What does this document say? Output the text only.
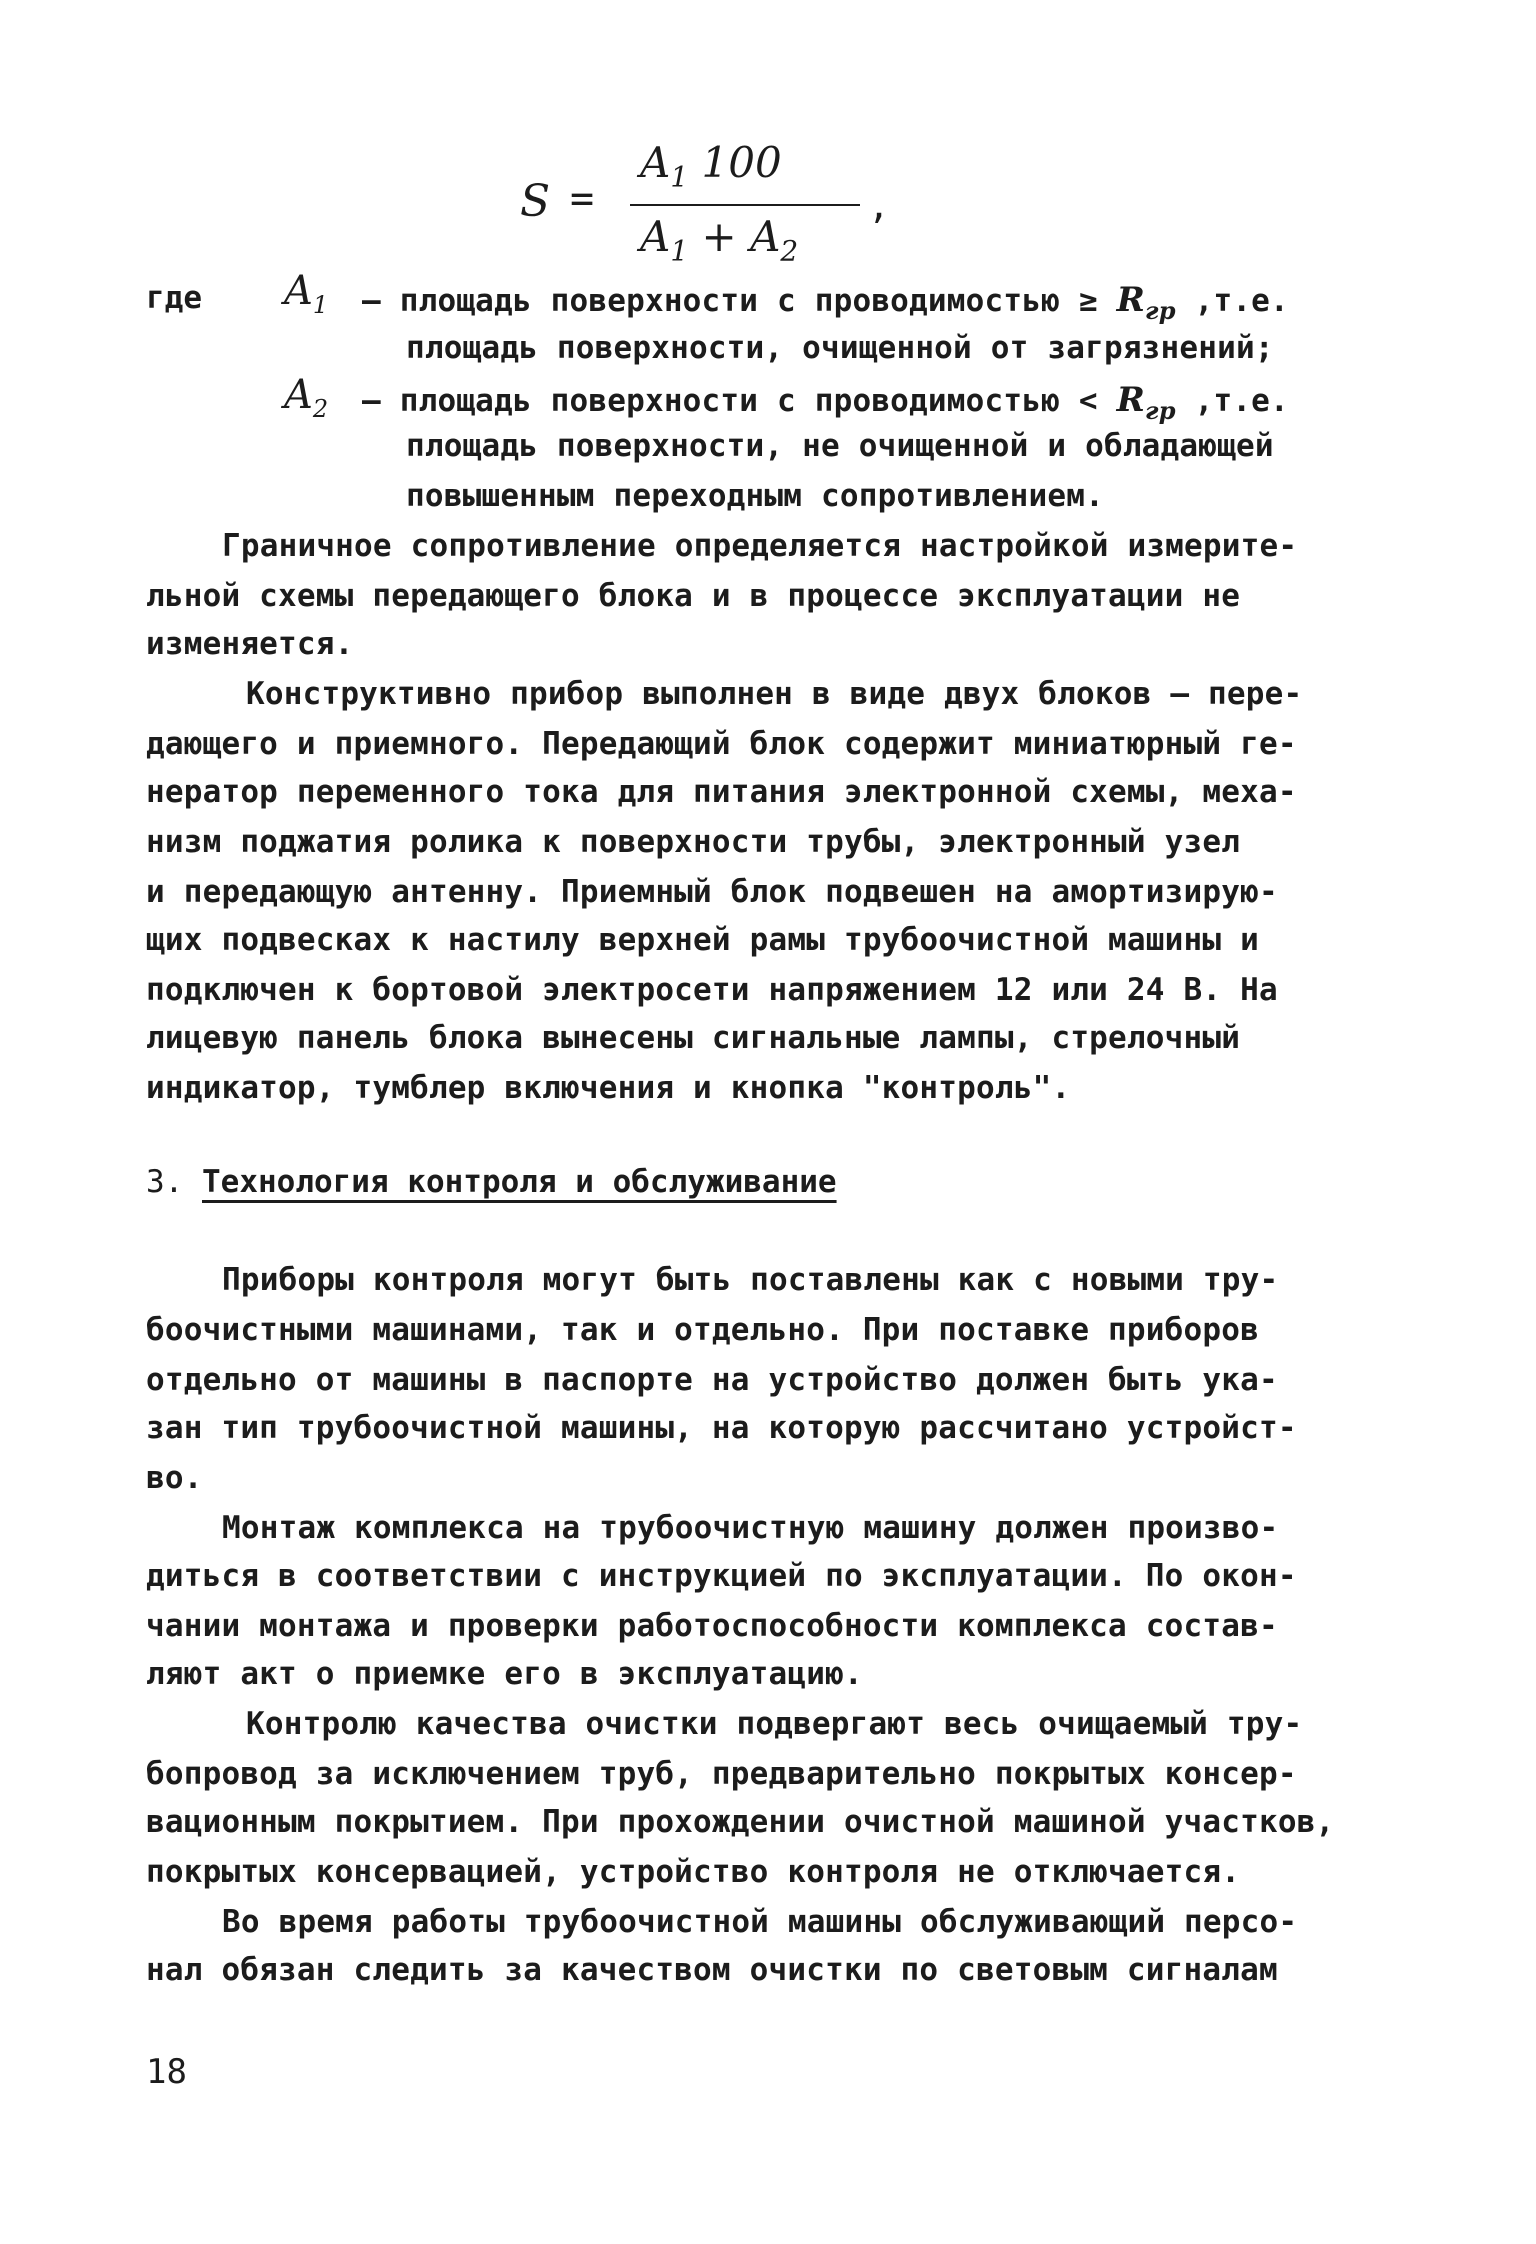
S =
$A_1$ 100
$A_1 + A_2$
,
где $A_1$ – площадь поверхности с проводимостью ≥ $R_{гр}$ ,т.е.
площадь поверхности, очищенной от загрязнений;
$A_2$ – площадь поверхности с проводимостью < $R_{гр}$ ,т.е.
площадь поверхности, не очищенной и обладающей
повышенным переходным сопротивлением.
Граничное сопротивление определяется настройкой измерите-
льной схемы передающего блока и в процессе эксплуатации не
изменяется.
Конструктивно прибор выполнен в виде двух блоков – пере-
дающего и приемного. Передающий блок содержит миниатюрный ге-
нератор переменного тока для питания электронной схемы, меха-
низм поджатия ролика к поверхности трубы, электронный узел
и передающую антенну. Приемный блок подвешен на амортизирую-
щих подвесках к настилу верхней рамы трубоочистной машины и
подключен к бортовой электросети напряжением 12 или 24 В. На
лицевую панель блока вынесены сигнальные лампы, стрелочный
индикатор, тумблер включения и кнопка "контроль".
3. Технология контроля и обслуживание
Приборы контроля могут быть поставлены как с новыми тру-
боочистными машинами, так и отдельно. При поставке приборов
отдельно от машины в паспорте на устройство должен быть ука-
зан тип трубоочистной машины, на которую рассчитано устройст-
во.
Монтаж комплекса на трубоочистную машину должен произво-
диться в соответствии с инструкцией по эксплуатации. По окон-
чании монтажа и проверки работоспособности комплекса состав-
ляют акт о приемке его в эксплуатацию.
Контролю качества очистки подвергают весь очищаемый тру-
бопровод за исключением труб, предварительно покрытых консер-
вационным покрытием. При прохождении очистной машиной участков,
покрытых консервацией, устройство контроля не отключается.
Во время работы трубоочистной машины обслуживающий персо-
нал обязан следить за качеством очистки по световым сигналам
18
